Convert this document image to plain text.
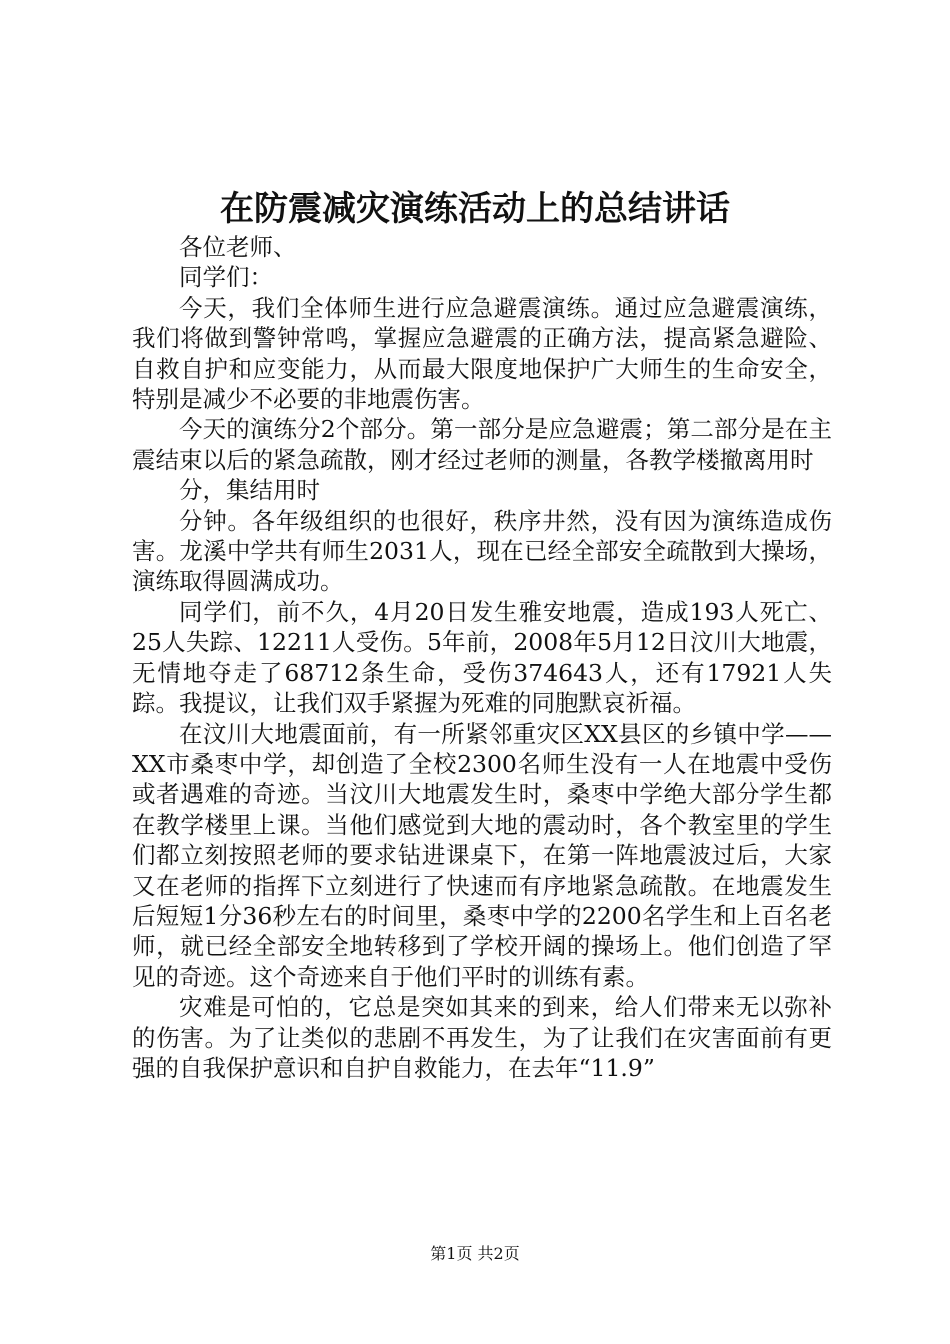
在防震减灾演练活动上的总结讲话

各位老师、

同学们：

今天，我们全体师生进行应急避震演练。通过应急避震演练，我们将做到警钟常鸣，掌握应急避震的正确方法，提高紧急避险、自救自护和应变能力，从而最大限度地保护广大师生的生命安全，特别是减少不必要的非地震伤害。

今天的演练分2个部分。第一部分是应急避震；第二部分是在主震结束以后的紧急疏散，刚才经过老师的测量，各教学楼撤离用时

分，集结用时

分钟。各年级组织的也很好，秩序井然，没有因为演练造成伤害。龙溪中学共有师生2031人，现在已经全部安全疏散到大操场，演练取得圆满成功。

同学们，前不久，4月20日发生雅安地震，造成193人死亡、25人失踪、12211人受伤。5年前，2008年5月12日汶川大地震，无情地夺走了68712条生命，受伤374643人，还有17921人失踪。我提议，让我们双手紧握为死难的同胞默哀祈福。

在汶川大地震面前，有一所紧邻重灾区XX县区的乡镇中学——XX市桑枣中学，却创造了全校2300名师生没有一人在地震中受伤或者遇难的奇迹。当汶川大地震发生时，桑枣中学绝大部分学生都在教学楼里上课。当他们感觉到大地的震动时，各个教室里的学生们都立刻按照老师的要求钻进课桌下，在第一阵地震波过后，大家又在老师的指挥下立刻进行了快速而有序地紧急疏散。在地震发生后短短1分36秒左右的时间里，桑枣中学的2200名学生和上百名老师，就已经全部安全地转移到了学校开阔的操场上。他们创造了罕见的奇迹。这个奇迹来自于他们平时的训练有素。

灾难是可怕的，它总是突如其来的到来，给人们带来无以弥补的伤害。为了让类似的悲剧不再发生，为了让我们在灾害面前有更强的自我保护意识和自护自救能力，在去年“11.9”

第1页 共2页
